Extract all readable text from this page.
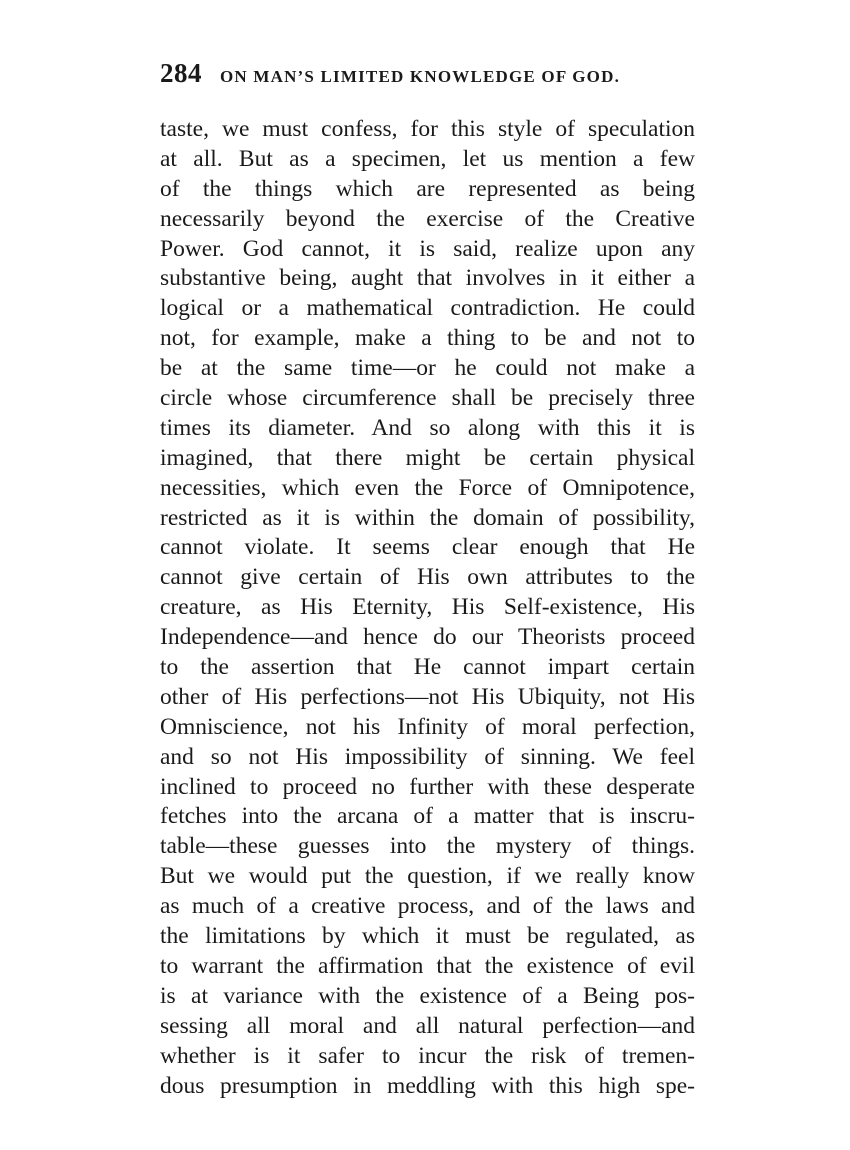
284 ON MAN’S LIMITED KNOWLEDGE OF GOD.
taste, we must confess, for this style of speculation
at all. But as a specimen, let us mention a few
of the things which are represented as being
necessarily beyond the exercise of the Creative
Power. God cannot, it is said, realize upon any
substantive being, aught that involves in it either a
logical or a mathematical contradiction. He could
not, for example, make a thing to be and not to
be at the same time—or he could not make a
circle whose circumference shall be precisely three
times its diameter. And so along with this it is
imagined, that there might be certain physical
necessities, which even the Force of Omnipotence,
restricted as it is within the domain of possibility,
cannot violate. It seems clear enough that He
cannot give certain of His own attributes to the
creature, as His Eternity, His Self-existence, His
Independence—and hence do our Theorists proceed
to the assertion that He cannot impart certain
other of His perfections—not His Ubiquity, not His
Omniscience, not his Infinity of moral perfection,
and so not His impossibility of sinning. We feel
inclined to proceed no further with these desperate
fetches into the arcana of a matter that is inscru-
table—these guesses into the mystery of things.
But we would put the question, if we really know
as much of a creative process, and of the laws and
the limitations by which it must be regulated, as
to warrant the affirmation that the existence of evil
is at variance with the existence of a Being pos-
sessing all moral and all natural perfection—and
whether is it safer to incur the risk of tremen-
dous presumption in meddling with this high spe-
